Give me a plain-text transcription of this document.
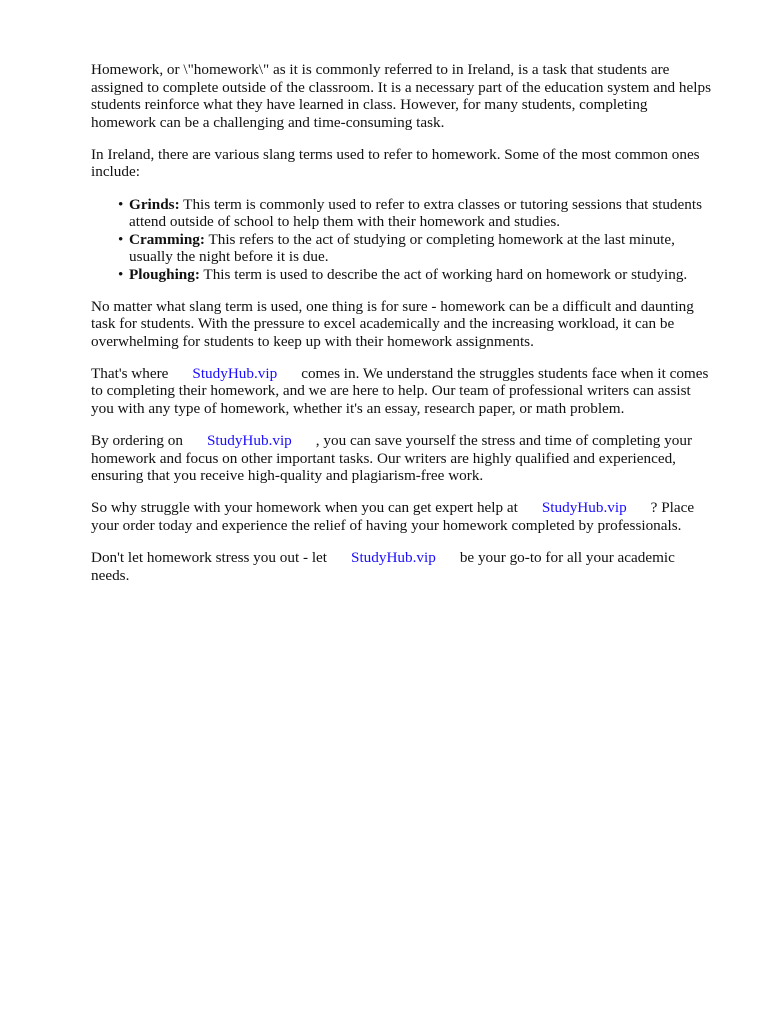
Homework, or \"homework\" as it is commonly referred to in Ireland, is a task that students are assigned to complete outside of the classroom. It is a necessary part of the education system and helps students reinforce what they have learned in class. However, for many students, completing homework can be a challenging and time-consuming task.

In Ireland, there are various slang terms used to refer to homework. Some of the most common ones include:

• Grinds: This term is commonly used to refer to extra classes or tutoring sessions that students attend outside of school to help them with their homework and studies.
• Cramming: This refers to the act of studying or completing homework at the last minute, usually the night before it is due.
• Ploughing: This term is used to describe the act of working hard on homework or studying.

No matter what slang term is used, one thing is for sure - homework can be a difficult and daunting task for students. With the pressure to excel academically and the increasing workload, it can be overwhelming for students to keep up with their homework assignments.

That's where StudyHub.vip comes in. We understand the struggles students face when it comes to completing their homework, and we are here to help. Our team of professional writers can assist you with any type of homework, whether it's an essay, research paper, or math problem.

By ordering on StudyHub.vip , you can save yourself the stress and time of completing your homework and focus on other important tasks. Our writers are highly qualified and experienced, ensuring that you receive high-quality and plagiarism-free work.

So why struggle with your homework when you can get expert help at StudyHub.vip ? Place your order today and experience the relief of having your homework completed by professionals.

Don't let homework stress you out - let StudyHub.vip be your go-to for all your academic needs.
